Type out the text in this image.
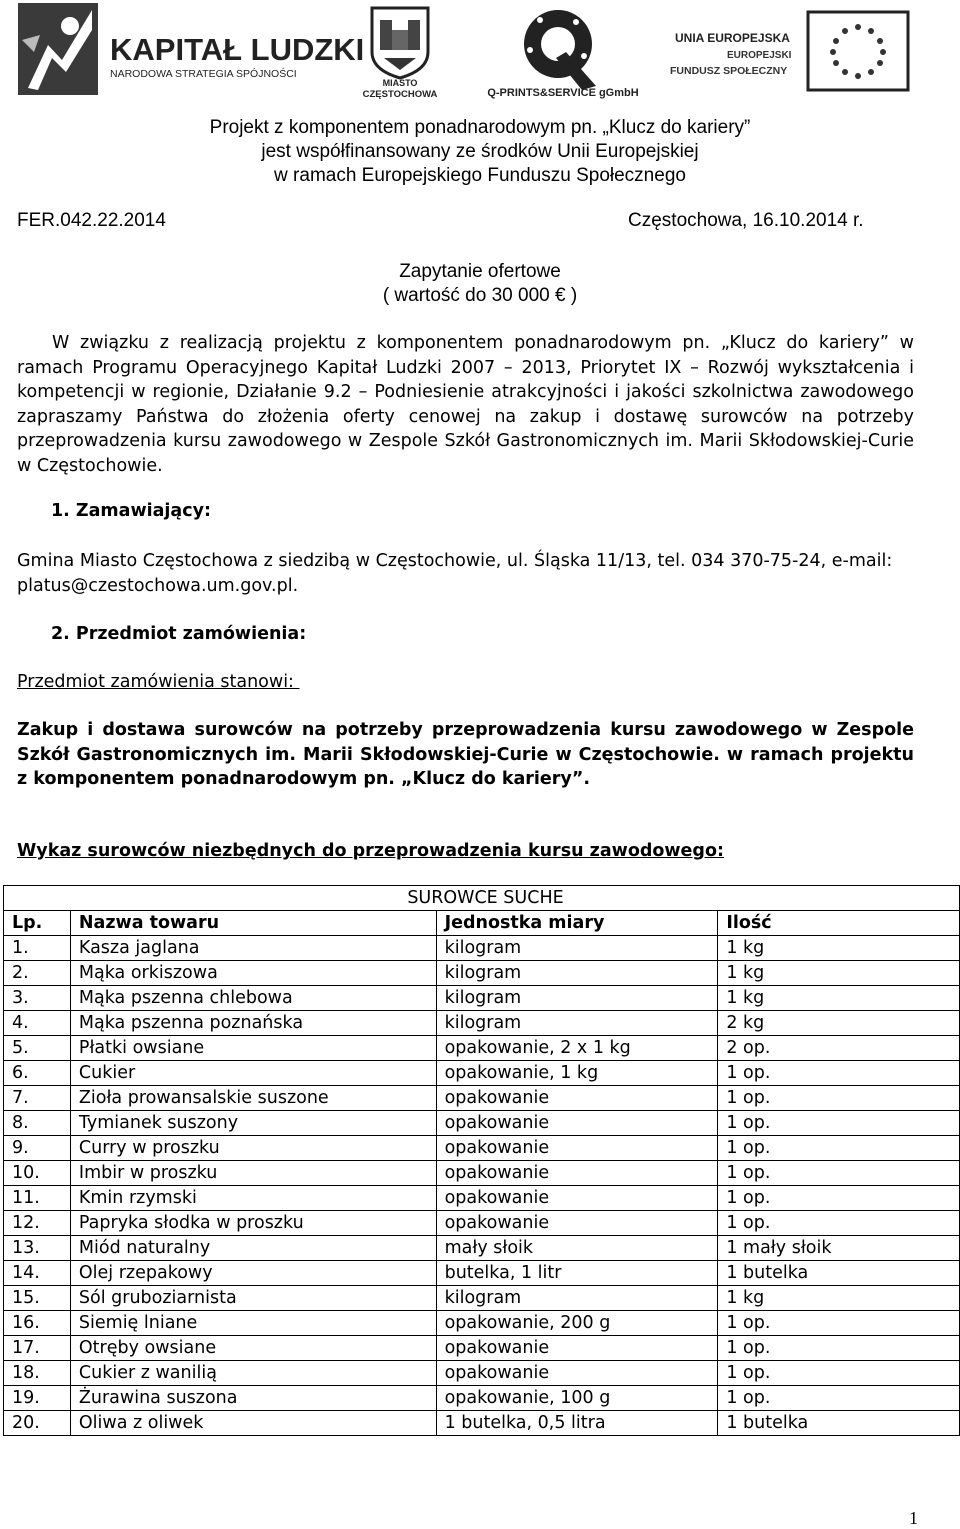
KAPITAŁ LUDZKI
NARODOWA STRATEGIA SPÓJNOŚCI
MIASTO
CZĘSTOCHOWA	Q-PRINTS&SERVICE gGmbH
UNIA EUROPEJSKA
EUROPEJSKI
FUNDUSZ SPOŁECZNY
Projekt z komponentem ponadnarodowym pn. „Klucz do kariery”
jest współfinansowany ze środków Unii Europejskiej
w ramach Europejskiego Funduszu Społecznego
FER.042.22.2014	Częstochowa, 16.10.2014 r.
Zapytanie ofertowe
( wartość do 30 000 € )
W związku z realizacją projektu z komponentem ponadnarodowym pn. „Klucz do kariery” w ramach Programu Operacyjnego Kapitał Ludzki 2007 – 2013, Priorytet IX – Rozwój wykształcenia i kompetencji w regionie, Działanie 9.2 – Podniesienie atrakcyjności i jakości szkolnictwa zawodowego zapraszamy Państwa do złożenia oferty cenowej na zakup i dostawę surowców na potrzeby przeprowadzenia kursu zawodowego w Zespole Szkół Gastronomicznych im. Marii Skłodowskiej-Curie w Częstochowie.
1. Zamawiający:
Gmina Miasto Częstochowa z siedzibą w Częstochowie, ul. Śląska 11/13, tel. 034 370-75-24, e-mail: platus@czestochowa.um.gov.pl.
2. Przedmiot zamówienia:
Przedmiot zamówienia stanowi:
Zakup i dostawa surowców na potrzeby przeprowadzenia kursu zawodowego w Zespole Szkół Gastronomicznych im. Marii Skłodowskiej-Curie w Częstochowie. w ramach projektu z komponentem ponadnarodowym pn. „Klucz do kariery”.
Wykaz surowców niezbędnych do przeprowadzenia kursu zawodowego:
SUROWCE SUCHE			
Lp.	Nazwa towaru	Jednostka miary	Ilość
1.	Kasza jaglana	kilogram	1 kg
2.	Mąka orkiszowa	kilogram	1 kg
3.	Mąka pszenna chlebowa	kilogram	1 kg
4.	Mąka pszenna poznańska	kilogram	2 kg
5.	Płatki owsiane	opakowanie, 2 x 1 kg	2 op.
6.	Cukier	opakowanie, 1 kg	1 op.
7.	Zioła prowansalskie suszone	opakowanie	1 op.
8.	Tymianek suszony	opakowanie	1 op.
9.	Curry w proszku	opakowanie	1 op.
10.	Imbir w proszku	opakowanie	1 op.
11.	Kmin rzymski	opakowanie	1 op.
12.	Papryka słodka w proszku	opakowanie	1 op.
13.	Miód naturalny	mały słoik	1 mały słoik
14.	Olej rzepakowy	butelka, 1 litr	1 butelka
15.	Sól gruboziarnista	kilogram	1 kg
16.	Siemię lniane	opakowanie, 200 g	1 op.
17.	Otręby owsiane	opakowanie	1 op.
18.	Cukier z wanilią	opakowanie	1 op.
19.	Żurawina suszona	opakowanie, 100 g	1 op.
20.	Oliwa z oliwek	1 butelka, 0,5 litra	1 butelka
1
